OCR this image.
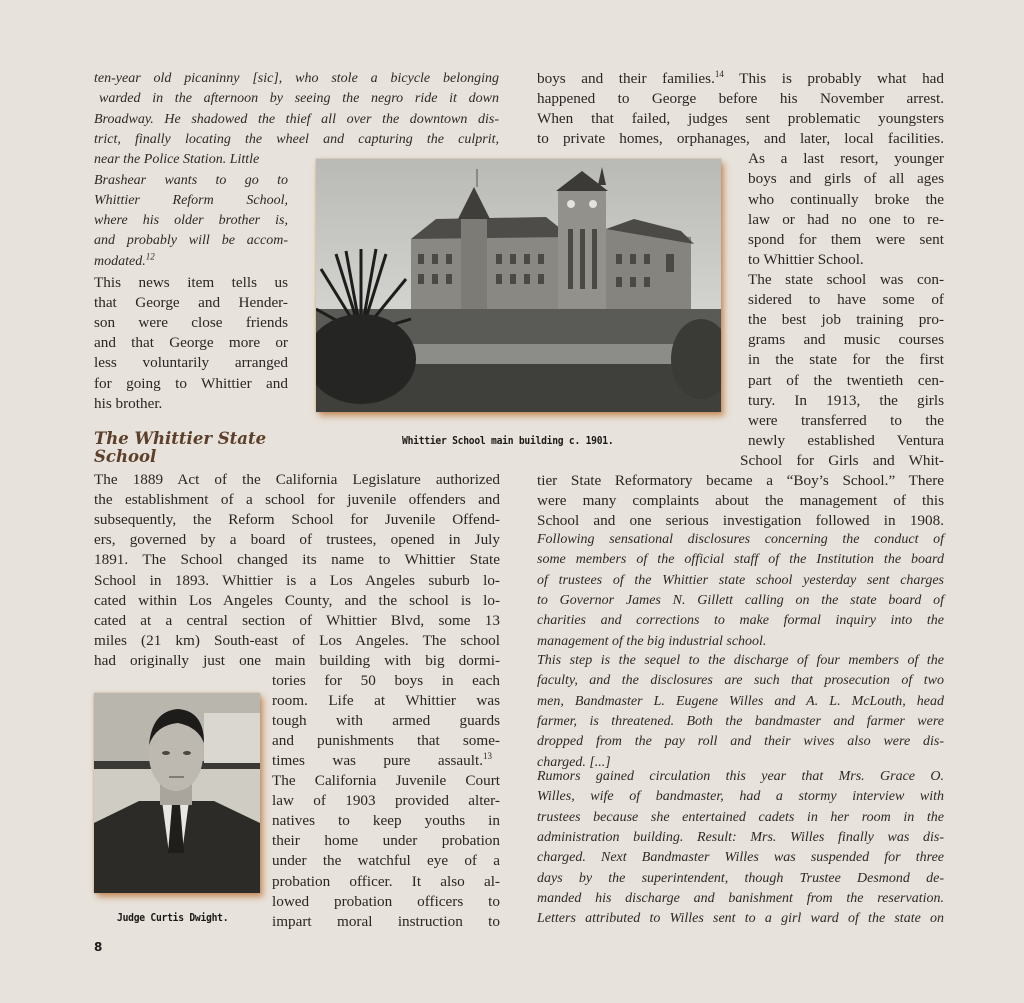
ten-year old picaninny [sic], who stole a bicycle belonging
warded in the afternoon by seeing the negro ride it down
Broadway. He shadowed the thief all over the downtown dis-
trict, finally locating the wheel and capturing the culprit,
near the Police Station. Little
Brashear wants to go to
Whittier Reform School,
where his older brother is,
and probably will be accom-
modated.$^{12}$
This news item tells us
that George and Hender-
son were close friends
and that George more or
less voluntarily arranged
for going to Whittier and
his brother.
The Whittier State School
The 1889 Act of the California Legislature authorized
the establishment of a school for juvenile offenders and
subsequently, the Reform School for Juvenile Offend-
ers, governed by a board of trustees, opened in July
1891. The School changed its name to Whittier State
School in 1893. Whittier is a Los Angeles suburb lo-
cated within Los Angeles County, and the school is lo-
cated at a central section of Whittier Blvd, some 13
miles (21 km) South-east of Los Angeles. The school
had originally just one main building with big dormi-
tories for 50 boys in each
room. Life at Whittier was
tough with armed guards
and punishments that some-
times was pure assault.$^{13}$
The California Juvenile Court
law of 1903 provided alter-
natives to keep youths in
their home under probation
under the watchful eye of a
probation officer. It also al-
lowed probation officers to
impart moral instruction to
boys and their families.$^{14}$ This is probably what had
happened to George before his November arrest.
When that failed, judges sent problematic youngsters
to private homes, orphanages, and later, local facilities.
As a last resort, younger
boys and girls of all ages
who continually broke the
law or had no one to re-
spond for them were sent
to Whittier School.
The state school was con-
sidered to have some of
the best job training pro-
grams and music courses
in the state for the first
part of the twentieth cen-
tury. In 1913, the girls
were transferred to the
newly established Ventura
School for Girls and Whit-
tier State Reformatory became a “Boy’s School.” There
were many complaints about the management of this
School and one serious investigation followed in 1908.
Following sensational disclosures concerning the conduct of
some members of the official staff of the Institution the board
of trustees of the Whittier state school yesterday sent charges
to Governor James N. Gillett calling on the state board of
charities and corrections to make formal inquiry into the
management of the big industrial school.
This step is the sequel to the discharge of four members of the
faculty, and the disclosures are such that prosecution of two
men, Bandmaster L. Eugene Willes and A. L. McLouth, head
farmer, is threatened. Both the bandmaster and farmer were
dropped from the pay roll and their wives also were dis-
charged. [...]
Rumors gained circulation this year that Mrs. Grace O.
Willes, wife of bandmaster, had a stormy interview with
trustees because she entertained cadets in her room in the
administration building. Result: Mrs. Willes finally was dis-
charged. Next Bandmaster Willes was suspended for three
days by the superintendent, though Trustee Desmond de-
manded his discharge and banishment from the reservation.
Letters attributed to Willes sent to a girl ward of the state on
Whittier School main building c. 1901.
Judge Curtis Dwight.
8
